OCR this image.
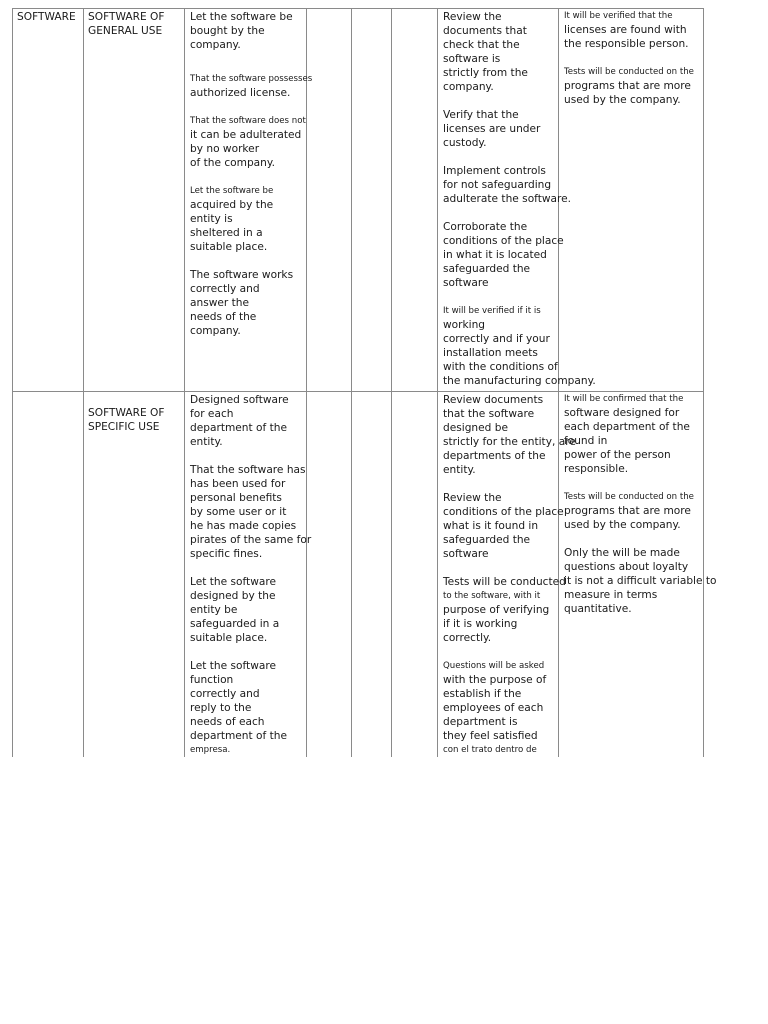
SOFTWARE SOFTWARE OF
GENERAL USE
Let the software be
bought by the
company.
That the software possesses
authorized license.
That the software does not
it can be adulterated
by no worker
of the company.
Let the software be
acquired by the
entity is
sheltered in a
suitable place.
The software works
correctly and
answer the
needs of the
company.
Review the
documents that
check that the
software is
strictly from the
company.
Verify that the
licenses are under
custody.
Implement controls
for not safeguarding
adulterate the software.
Corroborate the
conditions of the place
in what it is located
safeguarded the
software
It will be verified if it is
working
correctly and if your
installation meets
with the conditions of
the manufacturing company.
It will be verified that the
licenses are found with
the responsible person.
Tests will be conducted on the
programs that are more
used by the company.
SOFTWARE OF
SPECIFIC USE
Designed software
for each
department of the
entity.
That the software has
has been used for
personal benefits
by some user or it
he has made copies
pirates of the same for
specific fines.
Let the software
designed by the
entity be
safeguarded in a
suitable place.
Let the software
function
correctly and
reply to the
needs of each
department of the
empresa.
Review documents
that the software
designed be
strictly for the entity, are
departments of the
entity.
Review the
conditions of the place
what is it found in
safeguarded the
software
Tests will be conducted
to the software, with it
purpose of verifying
if it is working
correctly.
Questions will be asked
with the purpose of
establish if the
employees of each
department is
they feel satisfied
con el trato dentro de
It will be confirmed that the
software designed for
each department of the
found in
power of the person
responsible.
Tests will be conducted on the
programs that are more
used by the company.
Only the will be made
questions about loyalty
it is not a difficult variable to
measure in terms
quantitative.
